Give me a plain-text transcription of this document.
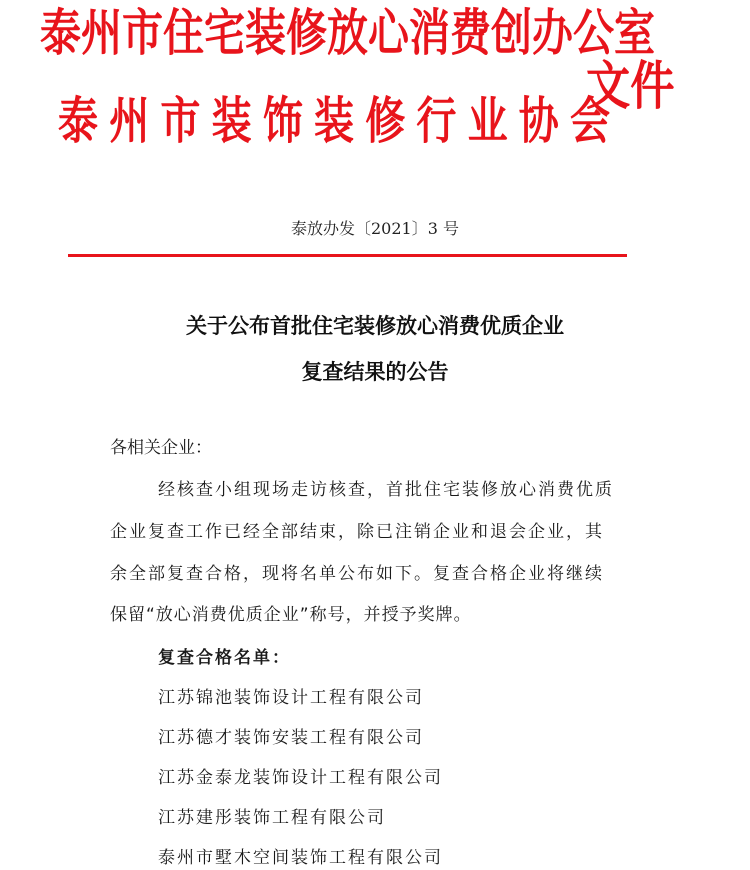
泰州市住宅装修放心消费创办公室
泰州市装饰装修行业协会
文件
泰放办发〔2021〕3 号
关于公布首批住宅装修放心消费优质企业
复查结果的公告
各相关企业：
经核查小组现场走访核查，首批住宅装修放心消费优质
企业复查工作已经全部结束，除已注销企业和退会企业，其
余全部复查合格，现将名单公布如下。复查合格企业将继续
保留“放心消费优质企业”称号，并授予奖牌。
复查合格名单：
江苏锦池装饰设计工程有限公司
江苏德才装饰安装工程有限公司
江苏金泰龙装饰设计工程有限公司
江苏建彤装饰工程有限公司
泰州市墅木空间装饰工程有限公司
